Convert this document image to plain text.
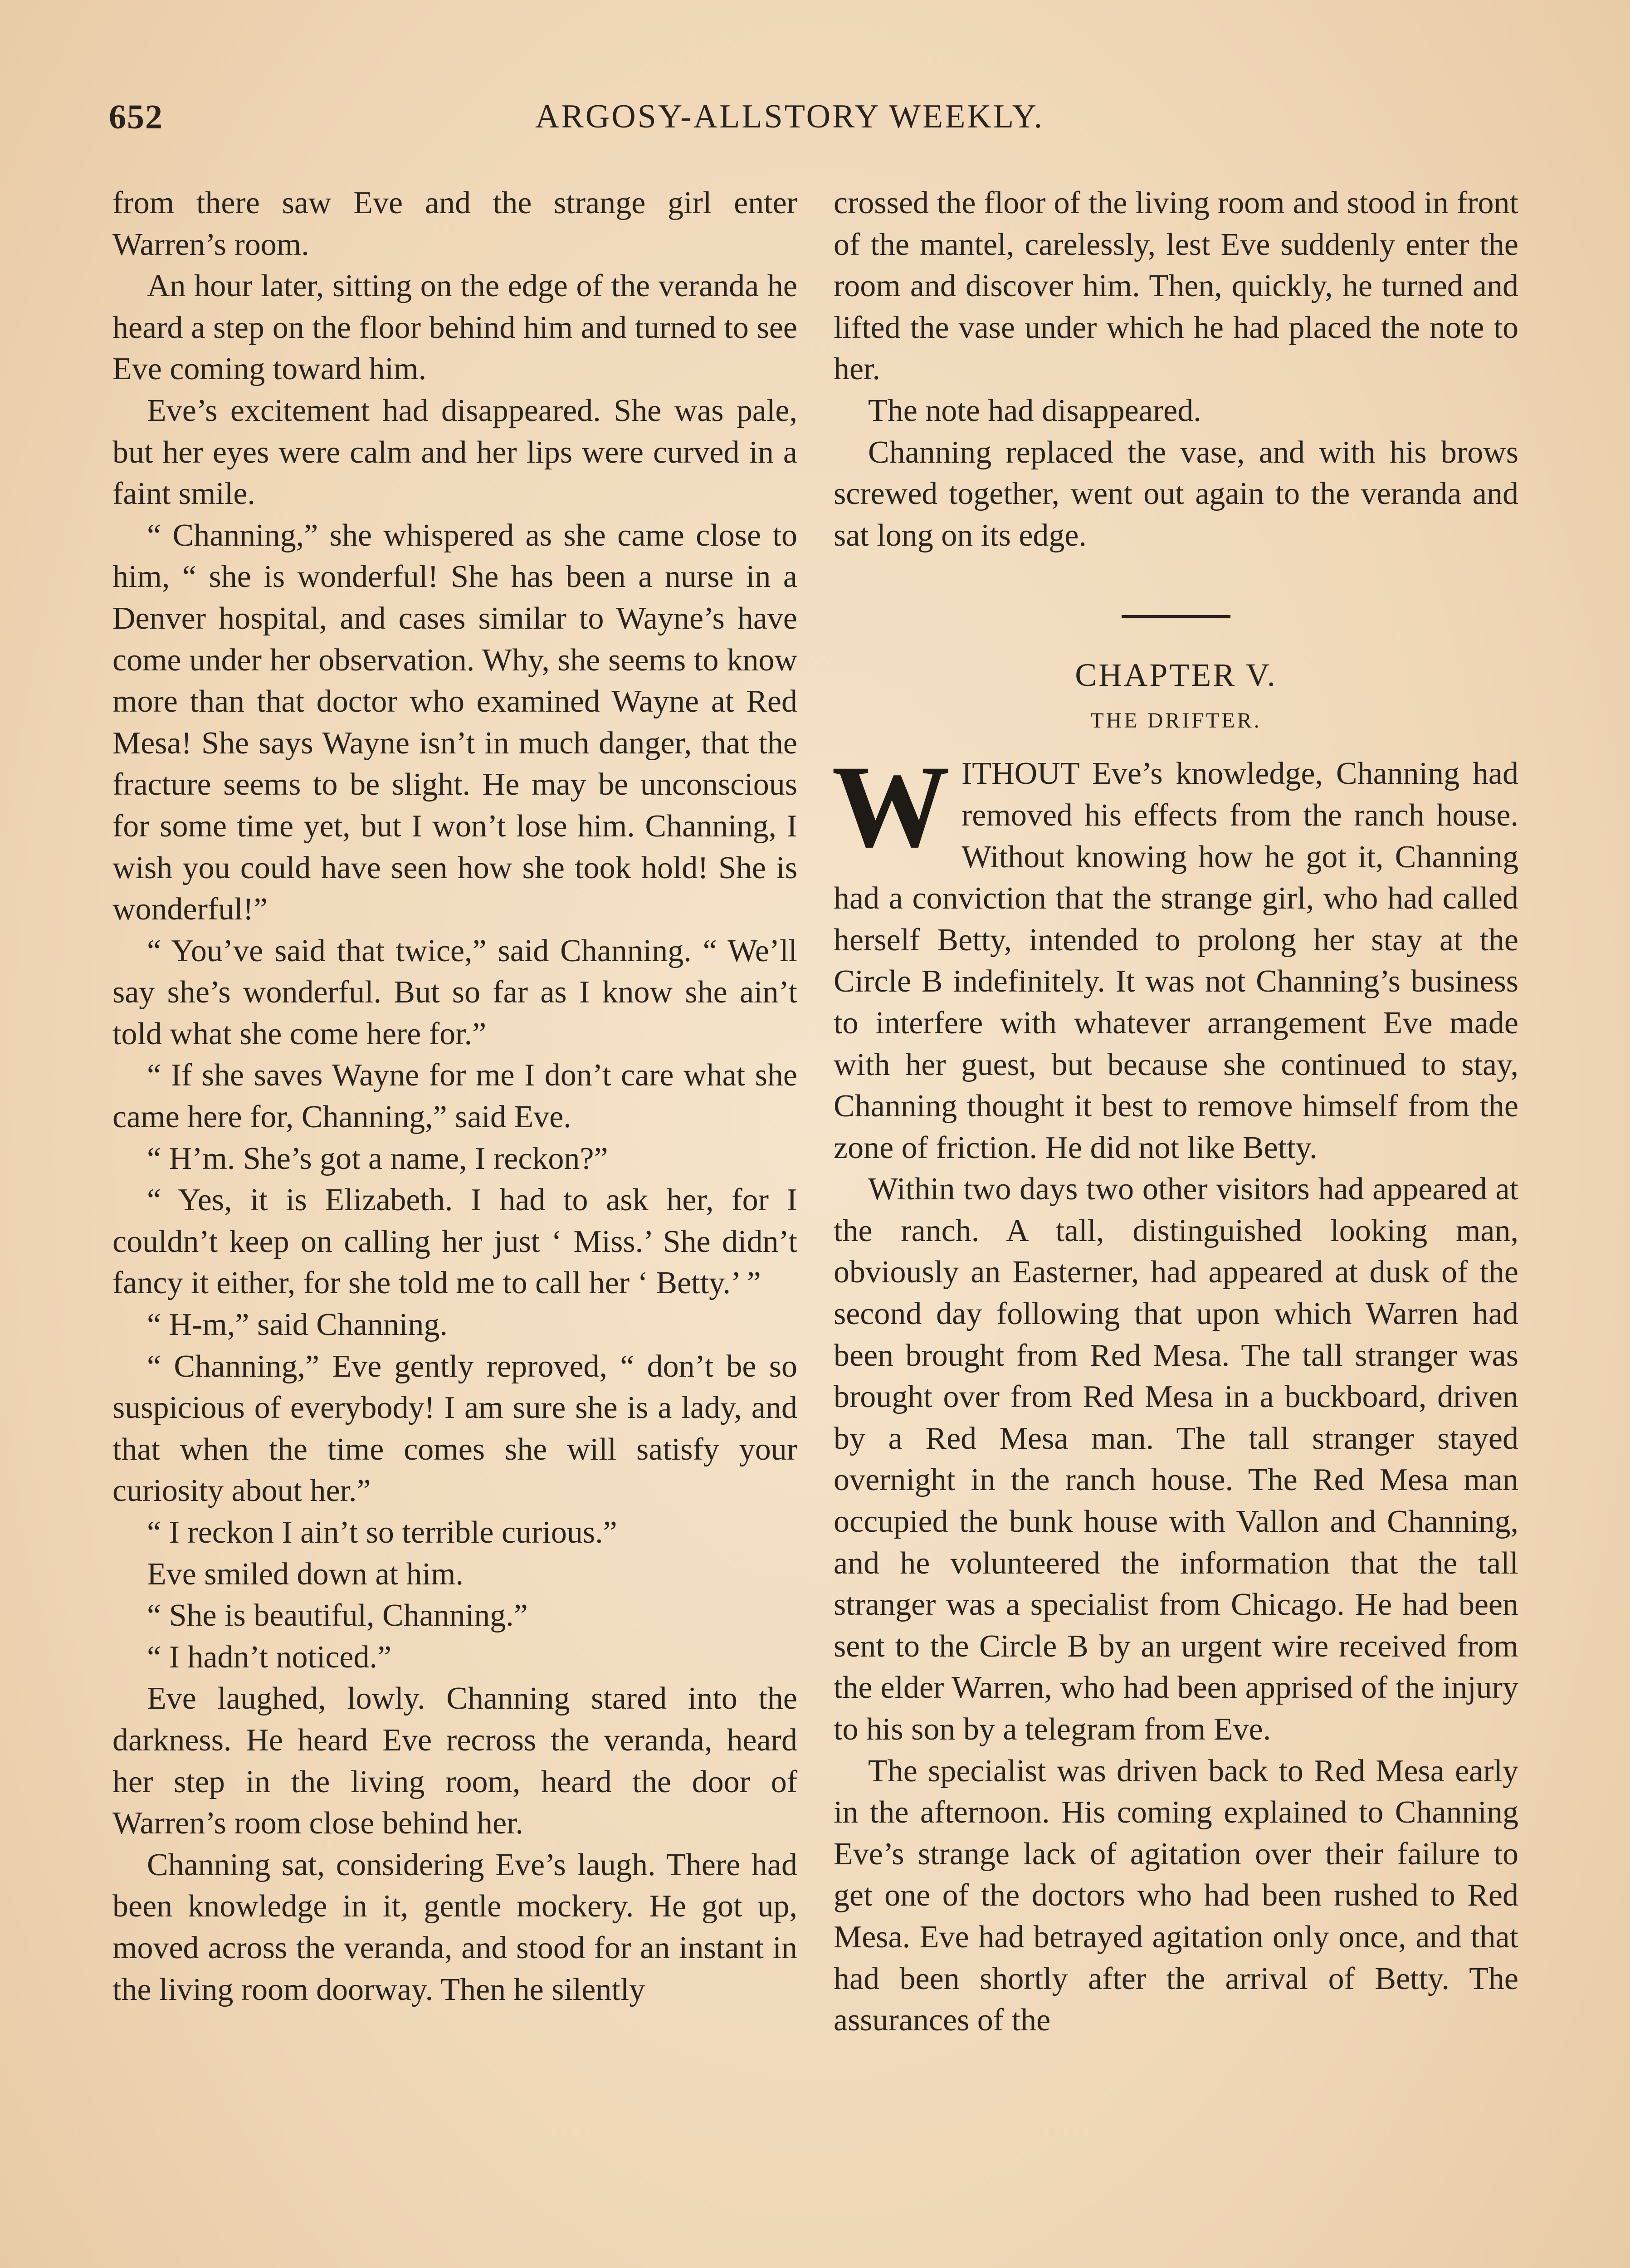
652	ARGOSY-ALLSTORY WEEKLY.

from there saw Eve and the strange girl enter Warren’s room.

An hour later, sitting on the edge of the veranda he heard a step on the floor behind him and turned to see Eve coming toward him.

Eve’s excitement had disappeared. She was pale, but her eyes were calm and her lips were curved in a faint smile.

“ Channing,” she whispered as she came close to him, “ she is wonderful! She has been a nurse in a Denver hospital, and cases similar to Wayne’s have come under her observation. Why, she seems to know more than that doctor who examined Wayne at Red Mesa! She says Wayne isn’t in much danger, that the fracture seems to be slight. He may be unconscious for some time yet, but I won’t lose him. Channing, I wish you could have seen how she took hold! She is wonderful!”

“ You’ve said that twice,” said Channing. “ We’ll say she’s wonderful. But so far as I know she ain’t told what she come here for.”

“ If she saves Wayne for me I don’t care what she came here for, Channing,” said Eve.

“ H’m. She’s got a name, I reckon?”

“ Yes, it is Elizabeth. I had to ask her, for I couldn’t keep on calling her just ‘ Miss.’ She didn’t fancy it either, for she told me to call her ‘ Betty.’ ”

“ H-m,” said Channing.

“ Channing,” Eve gently reproved, “ don’t be so suspicious of everybody! I am sure she is a lady, and that when the time comes she will satisfy your curiosity about her.”

“ I reckon I ain’t so terrible curious.”

Eve smiled down at him.

“ She is beautiful, Channing.”

“ I hadn’t noticed.”

Eve laughed, lowly. Channing stared into the darkness. He heard Eve recross the veranda, heard her step in the living room, heard the door of Warren’s room close behind her.

Channing sat, considering Eve’s laugh. There had been knowledge in it, gentle mockery. He got up, moved across the veranda, and stood for an instant in the living room doorway. Then he silently

crossed the floor of the living room and stood in front of the mantel, carelessly, lest Eve suddenly enter the room and discover him. Then, quickly, he turned and lifted the vase under which he had placed the note to her.

The note had disappeared.

Channing replaced the vase, and with his brows screwed together, went out again to the veranda and sat long on its edge.

CHAPTER V.
THE DRIFTER.

WITHOUT Eve’s knowledge, Channing had removed his effects from the ranch house. Without knowing how he got it, Channing had a conviction that the strange girl, who had called herself Betty, intended to prolong her stay at the Circle B indefinitely. It was not Channing’s business to interfere with whatever arrangement Eve made with her guest, but because she continued to stay, Channing thought it best to remove himself from the zone of friction. He did not like Betty.

Within two days two other visitors had appeared at the ranch. A tall, distinguished looking man, obviously an Easterner, had appeared at dusk of the second day following that upon which Warren had been brought from Red Mesa. The tall stranger was brought over from Red Mesa in a buckboard, driven by a Red Mesa man. The tall stranger stayed overnight in the ranch house. The Red Mesa man occupied the bunk house with Vallon and Channing, and he volunteered the information that the tall stranger was a specialist from Chicago. He had been sent to the Circle B by an urgent wire received from the elder Warren, who had been apprised of the injury to his son by a telegram from Eve.

The specialist was driven back to Red Mesa early in the afternoon. His coming explained to Channing Eve’s strange lack of agitation over their failure to get one of the doctors who had been rushed to Red Mesa. Eve had betrayed agitation only once, and that had been shortly after the arrival of Betty. The assurances of the
